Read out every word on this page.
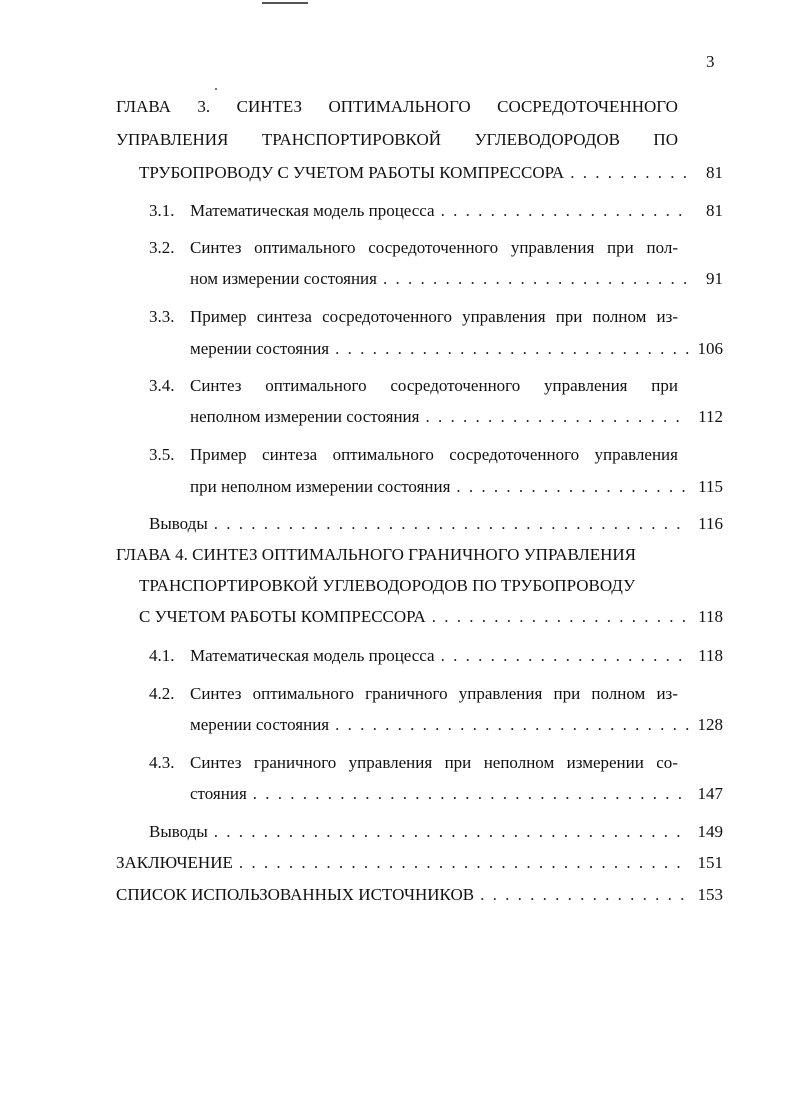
3
ГЛАВА 3. СИНТЕЗ ОПТИМАЛЬНОГО СОСРЕДОТОЧЕННОГО
УПРАВЛЕНИЯ ТРАНСПОРТИРОВКОЙ УГЛЕВОДОРОДОВ ПО
ТРУБОПРОВОДУ С УЧЕТОМ РАБОТЫ КОМПРЕССОРА . . .	81
3.1. Математическая модель процесса . . .	81
3.2. Синтез оптимального сосредоточенного управления при пол-
ном измерении состояния . . .	91
3.3. Пример синтеза сосредоточенного управления при полном из-
мерении состояния . . .	106
3.4. Синтез оптимального сосредоточенного управления при
неполном измерении состояния . . .	112
3.5. Пример синтеза оптимального сосредоточенного управления
при неполном измерении состояния . . .	115
Выводы . . .	116
ГЛАВА 4. СИНТЕЗ ОПТИМАЛЬНОГО ГРАНИЧНОГО УПРАВЛЕНИЯ
ТРАНСПОРТИРОВКОЙ УГЛЕВОДОРОДОВ ПО ТРУБОПРОВОДУ
С УЧЕТОМ РАБОТЫ КОМПРЕССОРА . . .	118
4.1. Математическая модель процесса . . .	118
4.2. Синтез оптимального граничного управления при полном из-
мерении состояния . . .	128
4.3. Синтез граничного управления при неполном измерении со-
стояния . . .	147
Выводы . . .	149
ЗАКЛЮЧЕНИЕ . . .	151
СПИСОК ИСПОЛЬЗОВАННЫХ ИСТОЧНИКОВ . . .	153
